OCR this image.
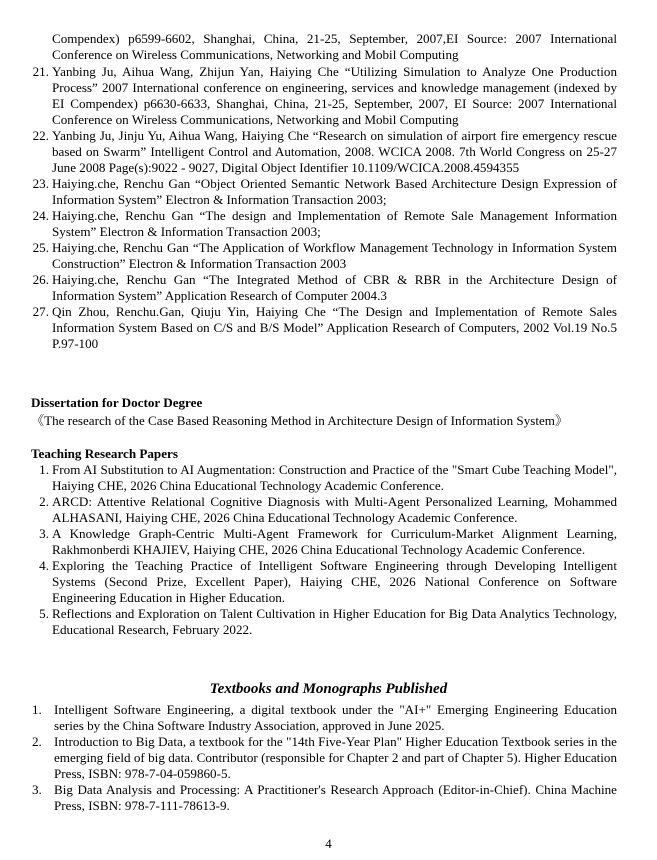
Compendex) p6599-6602, Shanghai, China, 21-25, September, 2007,EI Source: 2007 International Conference on Wireless Communications, Networking and Mobil Computing
21. Yanbing Ju, Aihua Wang, Zhijun Yan, Haiying Che “Utilizing Simulation to Analyze One Production Process” 2007 International conference on engineering, services and knowledge management (indexed by EI Compendex) p6630-6633, Shanghai, China, 21-25, September, 2007, EI Source: 2007 International Conference on Wireless Communications, Networking and Mobil Computing
22. Yanbing Ju, Jinju Yu, Aihua Wang, Haiying Che “Research on simulation of airport fire emergency rescue based on Swarm” Intelligent Control and Automation, 2008. WCICA 2008. 7th World Congress on 25-27 June 2008 Page(s):9022 - 9027, Digital Object Identifier 10.1109/WCICA.2008.4594355
23. Haiying.che, Renchu Gan “Object Oriented Semantic Network Based Architecture Design Expression of Information System” Electron & Information Transaction 2003;
24. Haiying.che, Renchu Gan “The design and Implementation of Remote Sale Management Information System” Electron & Information Transaction 2003;
25. Haiying.che, Renchu Gan “The Application of Workflow Management Technology in Information System Construction” Electron & Information Transaction 2003
26. Haiying.che, Renchu Gan “The Integrated Method of CBR & RBR in the Architecture Design of Information System” Application Research of Computer 2004.3
27. Qin Zhou, Renchu.Gan, Qiuju Yin, Haiying Che “The Design and Implementation of Remote Sales Information System Based on C/S and B/S Model” Application Research of Computers, 2002 Vol.19 No.5 P.97-100
Dissertation for Doctor Degree
《The research of the Case Based Reasoning Method in Architecture Design of Information System》
Teaching Research Papers
1. From AI Substitution to AI Augmentation: Construction and Practice of the "Smart Cube Teaching Model", Haiying CHE, 2026 China Educational Technology Academic Conference.
2. ARCD: Attentive Relational Cognitive Diagnosis with Multi-Agent Personalized Learning, Mohammed ALHASANI, Haiying CHE, 2026 China Educational Technology Academic Conference.
3. A Knowledge Graph-Centric Multi-Agent Framework for Curriculum-Market Alignment Learning, Rakhmonberdi KHAJIEV, Haiying CHE, 2026 China Educational Technology Academic Conference.
4. Exploring the Teaching Practice of Intelligent Software Engineering through Developing Intelligent Systems (Second Prize, Excellent Paper), Haiying CHE, 2026 National Conference on Software Engineering Education in Higher Education.
5. Reflections and Exploration on Talent Cultivation in Higher Education for Big Data Analytics Technology, Educational Research, February 2022.
Textbooks and Monographs Published
1. Intelligent Software Engineering, a digital textbook under the "AI+" Emerging Engineering Education series by the China Software Industry Association, approved in June 2025.
2. Introduction to Big Data, a textbook for the "14th Five-Year Plan" Higher Education Textbook series in the emerging field of big data. Contributor (responsible for Chapter 2 and part of Chapter 5). Higher Education Press, ISBN: 978-7-04-059860-5.
3. Big Data Analysis and Processing: A Practitioner's Research Approach (Editor-in-Chief). China Machine Press, ISBN: 978-7-111-78613-9.
4
